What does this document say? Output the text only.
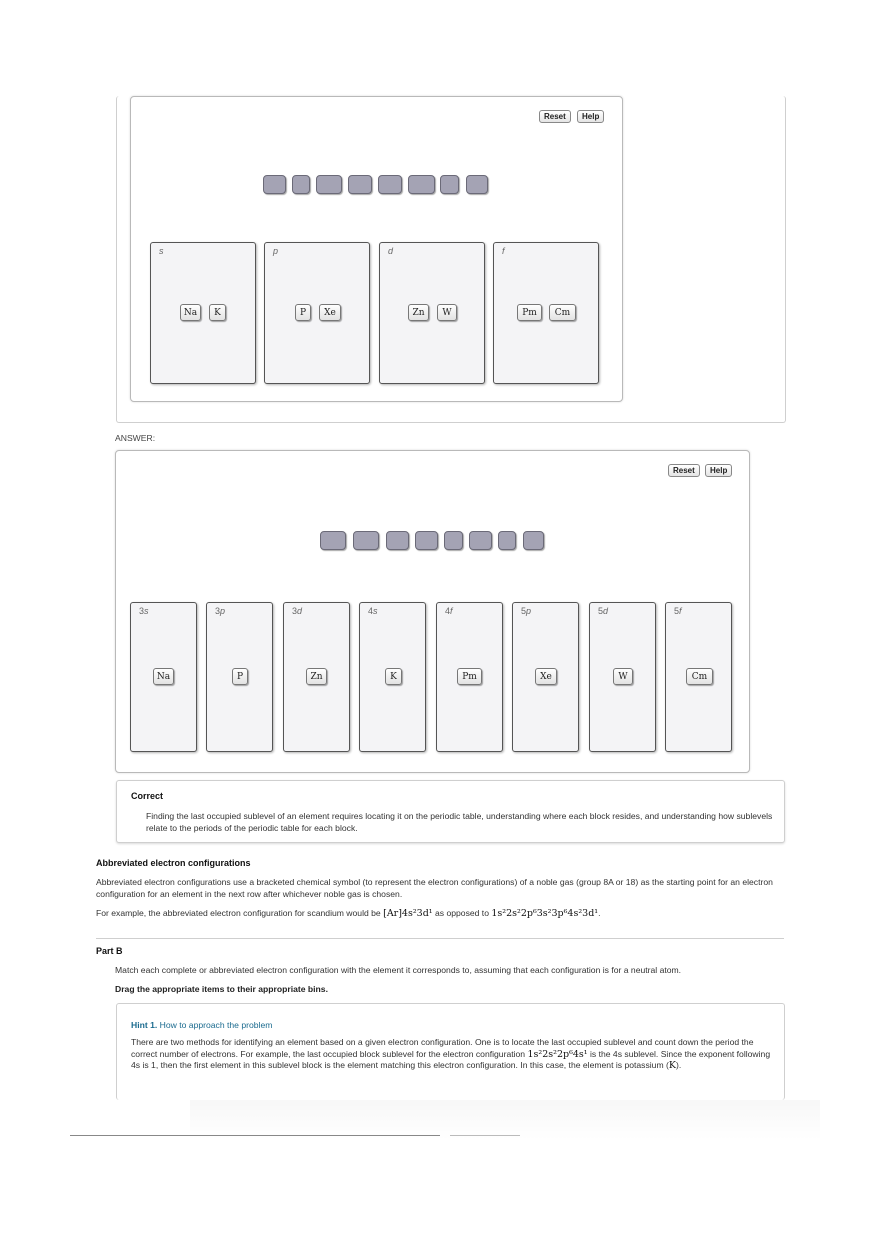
Reset	Help
s
Na	K
p
P	Xe
d
Zn	W
f
Pm	Cm
ANSWER:
Reset	Help
3s
Na
3p
P
3d
Zn
4s
K
4f
Pm
5p
Xe
5d
W
5f
Cm
Correct
Finding the last occupied sublevel of an element requires locating it on the periodic table, understanding where each block resides, and understanding how sublevels relate to the periods of the periodic table for each block.
Abbreviated electron configurations
Abbreviated electron configurations use a bracketed chemical symbol (to represent the electron configurations) of a noble gas (group 8A or 18) as the starting point for an electron configuration for an element in the next row after whichever noble gas is chosen.
For example, the abbreviated electron configuration for scandium would be [Ar]4s²3d¹ as opposed to 1s²2s²2p⁶3s²3p⁶4s²3d¹.
Part B
Match each complete or abbreviated electron configuration with the element it corresponds to, assuming that each configuration is for a neutral atom.
Drag the appropriate items to their appropriate bins.
Hint 1. How to approach the problem
There are two methods for identifying an element based on a given electron configuration. One is to locate the last occupied sublevel and count down the period the correct number of electrons. For example, the last occupied block sublevel for the electron configuration 1s²2s²2p⁶4s¹ is the 4s sublevel. Since the exponent following 4s is 1, then the first element in this sublevel block is the element matching this electron configuration. In this case, the element is potassium (K).
